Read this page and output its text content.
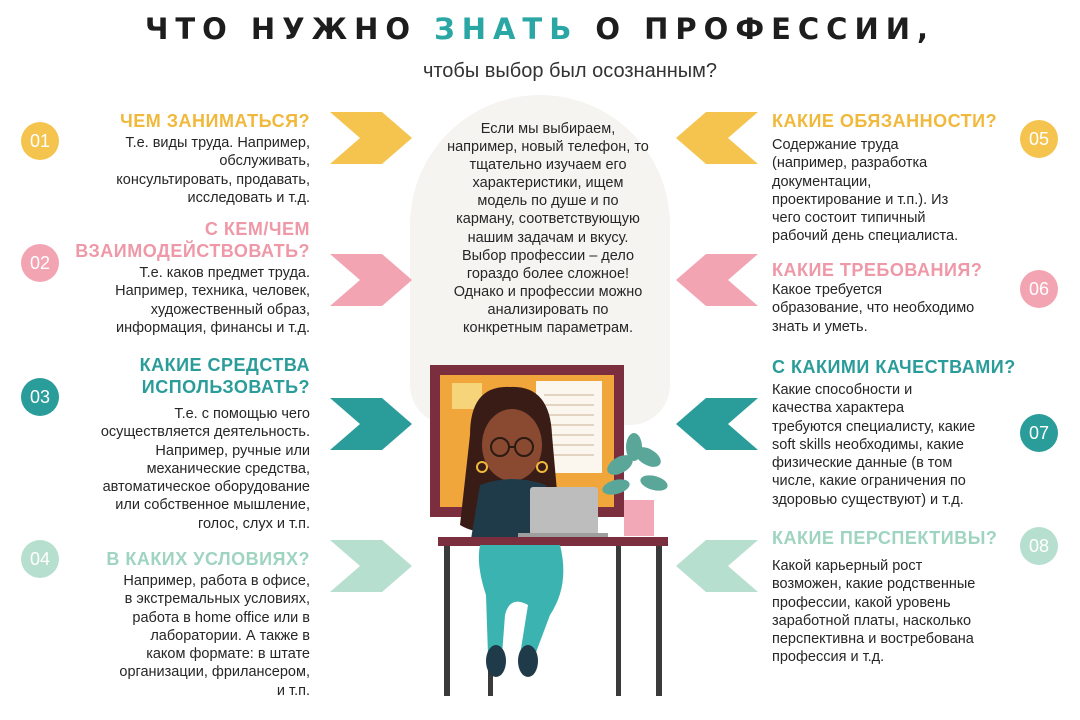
ЧТО НУЖНО ЗНАТЬ О ПРОФЕССИИ,
чтобы выбор был осознанным?
Если мы выбираем,
например, новый телефон, то
тщательно изучаем его
характеристики, ищем
модель по душе и по
карману, соответствующую
нашим задачам и вкусу.
Выбор профессии – дело
гораздо более сложное!
Однако и профессии можно
анализировать по
конкретным параметрам.
01
ЧЕМ ЗАНИМАТЬСЯ?
Т.е. виды труда. Например,
обслуживать,
консультировать, продавать,
исследовать и т.д.
02
С КЕМ/ЧЕМ
ВЗАИМОДЕЙСТВОВАТЬ?
Т.е. каков предмет труда.
Например, техника, человек,
художественный образ,
информация, финансы и т.д.
03
КАКИЕ СРЕДСТВА
ИСПОЛЬЗОВАТЬ?
Т.е. с помощью чего
осуществляется деятельность.
Например, ручные или
механические средства,
автоматическое оборудование
или собственное мышление,
голос, слух и т.п.
04	В КАКИХ УСЛОВИЯХ?
Например, работа в офисе,
в экстремальных условиях,
работа в home office или в
лаборатории. А также в
каком формате: в штате
организации, фрилансером,
и т.п.
05
КАКИЕ ОБЯЗАННОСТИ?
Содержание труда
(например, разработка
документации,
проектирование и т.п.). Из
чего состоит типичный
рабочий день специалиста.
06
КАКИЕ ТРЕБОВАНИЯ?
Какое требуется
образование, что необходимо
знать и уметь.
07
С КАКИМИ КАЧЕСТВАМИ?
Какие способности и
качества характера
требуются специалисту, какие
soft skills необходимы, какие
физические данные (в том
числе, какие ограничения по
здоровью существуют) и т.д.
08
КАКИЕ ПЕРСПЕКТИВЫ?
Какой карьерный рост
возможен, какие родственные
профессии, какой уровень
заработной платы, насколько
перспективна и востребована
профессия и т.д.
